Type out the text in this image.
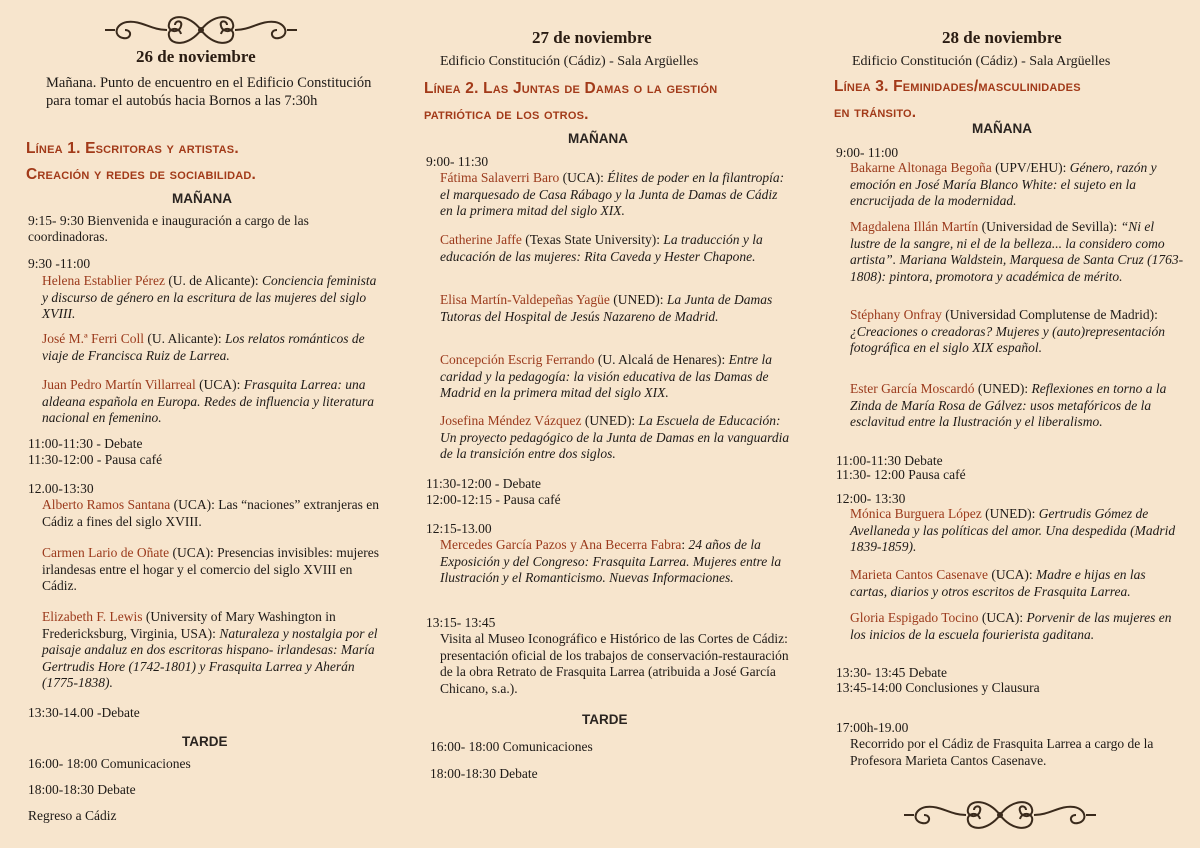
26 de noviembre
Mañana. Punto de encuentro en el Edificio Constitución para tomar el autobús hacia Bornos a las 7:30h
Línea 1. Escritoras y artistas.
Creación y redes de sociabilidad.
MAÑANA
9:15- 9:30 Bienvenida e inauguración a cargo de las coordinadoras.
9:30 -11:00
Helena Establier Pérez (U. de Alicante): Conciencia feminista y discurso de género en la escritura de las mujeres del siglo XVIII.
José M.ª Ferri Coll (U. Alicante): Los relatos románticos de viaje de Francisca Ruiz de Larrea.
Juan Pedro Martín Villarreal (UCA): Frasquita Larrea: una aldeana española en Europa. Redes de influencia y literatura nacional en femenino.
11:00-11:30 - Debate
11:30-12:00 - Pausa café
12.00-13:30
Alberto Ramos Santana (UCA): Las “naciones” extranjeras en Cádiz a fines del siglo XVIII.
Carmen Lario de Oñate (UCA): Presencias invisibles: mujeres irlandesas entre el hogar y el comercio del siglo XVIII en Cádiz.
Elizabeth F. Lewis (University of Mary Washington in Fredericksburg, Virginia, USA): Naturaleza y nostalgia por el paisaje andaluz en dos escritoras hispano- irlandesas: María Gertrudis Hore (1742-1801) y Frasquita Larrea y Aherán (1775-1838).
13:30-14.00 -Debate
TARDE
16:00- 18:00 Comunicaciones
18:00-18:30 Debate
Regreso a Cádiz
27 de noviembre
Edificio Constitución (Cádiz) - Sala Argüelles
Línea 2. Las Juntas de Damas o la gestión
patriótica de los otros.
MAÑANA
9:00- 11:30
Fátima Salaverri Baro (UCA): Élites de poder en la filantropía: el marquesado de Casa Rábago y la Junta de Damas de Cádiz en la primera mitad del siglo XIX.
Catherine Jaffe (Texas State University): La traducción y la educación de las mujeres: Rita Caveda y Hester Chapone.
Elisa Martín-Valdepeñas Yagüe (UNED): La Junta de Damas Tutoras del Hospital de Jesús Nazareno de Madrid.
Concepción Escrig Ferrando (U. Alcalá de Henares): Entre la caridad y la pedagogía: la visión educativa de las Damas de Madrid en la primera mitad del siglo XIX.
Josefina Méndez Vázquez (UNED): La Escuela de Educación: Un proyecto pedagógico de la Junta de Damas en la vanguardia de la transición entre dos siglos.
11:30-12:00 - Debate
12:00-12:15 - Pausa café
12:15-13.00
Mercedes García Pazos y Ana Becerra Fabra: 24 años de la Exposición y del Congreso: Frasquita Larrea. Mujeres entre la Ilustración y el Romanticismo. Nuevas Informaciones.
13:15- 13:45
Visita al Museo Iconográfico e Histórico de las Cortes de Cádiz: presentación oficial de los trabajos de conservación-restauración de la obra Retrato de Frasquita Larrea (atribuida a José García Chicano, s.a.).
TARDE
16:00- 18:00 Comunicaciones
18:00-18:30 Debate
28 de noviembre
Edificio Constitución (Cádiz) - Sala Argüelles
Línea 3. Feminidades/masculinidades
en tránsito.
MAÑANA
9:00- 11:00
Bakarne Altonaga Begoña (UPV/EHU): Género, razón y emoción en José María Blanco White: el sujeto en la encrucijada de la modernidad.
Magdalena Illán Martín (Universidad de Sevilla): “Ni el lustre de la sangre, ni el de la belleza... la considero como artista”. Mariana Waldstein, Marquesa de Santa Cruz (1763-1808): pintora, promotora y académica de mérito.
Stéphany Onfray (Universidad Complutense de Madrid):¿Creaciones o creadoras? Mujeres y (auto)representación fotográfica en el siglo XIX español.
Ester García Moscardó (UNED): Reflexiones en torno a la Zinda de María Rosa de Gálvez: usos metafóricos de la esclavitud entre la Ilustración y el liberalismo.
11:00-11:30 Debate
11:30- 12:00 Pausa café
12:00- 13:30
Mónica Burguera López (UNED): Gertrudis Gómez de Avellaneda y las políticas del amor. Una despedida (Madrid 1839-1859).
Marieta Cantos Casenave (UCA): Madre e hijas en las cartas, diarios y otros escritos de Frasquita Larrea.
Gloria Espigado Tocino (UCA): Porvenir de las mujeres en los inicios de la escuela fourierista gaditana.
13:30- 13:45 Debate
13:45-14:00 Conclusiones y Clausura
17:00h-19.00
Recorrido por el Cádiz de Frasquita Larrea a cargo de la Profesora Marieta Cantos Casenave.
